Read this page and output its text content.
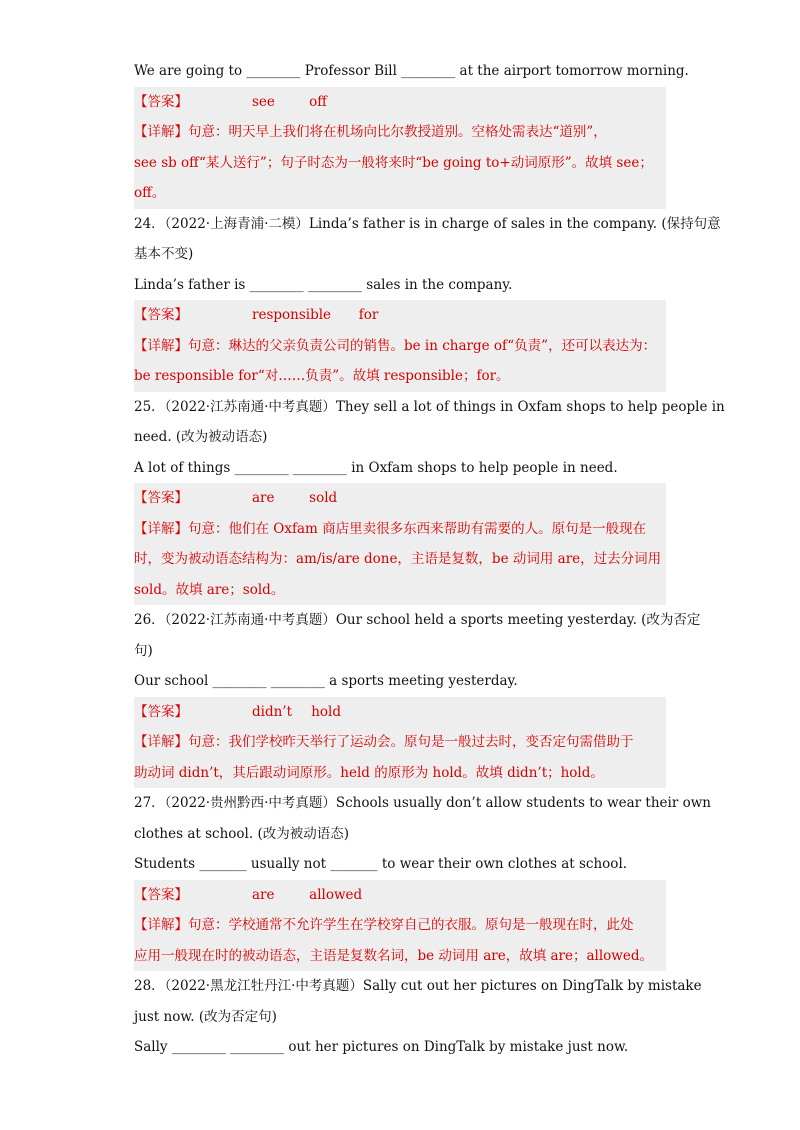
We are going to ________ Professor Bill ________ at the airport tomorrow morning.
【答案】	see	off
【详解】句意：明天早上我们将在机场向比尔教授道别。空格处需表达“道别”，
see sb off“某人送行”；句子时态为一般将来时“be going to+动词原形”。故填 see；
off。
24．（2022·上海青浦·二模）Linda’s father is in charge of sales in the company. (保持句意
基本不变)
Linda’s father is ________ ________ sales in the company.
【答案】	responsible for
【详解】句意：琳达的父亲负责公司的销售。be in charge of“负责”，还可以表达为：
be responsible for“对……负责”。故填 responsible；for。
25．（2022·江苏南通·中考真题）They sell a lot of things in Oxfam shops to help people in
need. (改为被动语态)
A lot of things ________ ________ in Oxfam shops to help people in need.
【答案】	are	sold
【详解】句意：他们在 Oxfam 商店里卖很多东西来帮助有需要的人。原句是一般现在
时，变为被动语态结构为：am/is/are done，主语是复数，be 动词用 are，过去分词用
sold。故填 are；sold。
26．（2022·江苏南通·中考真题）Our school held a sports meeting yesterday. (改为否定
句)
Our school ________ ________ a sports meeting yesterday.
【答案】	didn’t hold
【详解】句意：我们学校昨天举行了运动会。原句是一般过去时，变否定句需借助于
助动词 didn’t，其后跟动词原形。held 的原形为 hold。故填 didn’t；hold。
27．（2022·贵州黔西·中考真题）Schools usually don’t allow students to wear their own
clothes at school. (改为被动语态)
Students _______ usually not _______ to wear their own clothes at school.
【答案】	are	allowed
【详解】句意：学校通常不允许学生在学校穿自己的衣服。原句是一般现在时，此处
应用一般现在时的被动语态，主语是复数名词，be 动词用 are，故填 are；allowed。
28．（2022·黑龙江牡丹江·中考真题）Sally cut out her pictures on DingTalk by mistake
just now. (改为否定句)
Sally ________ ________ out her pictures on DingTalk by mistake just now.
